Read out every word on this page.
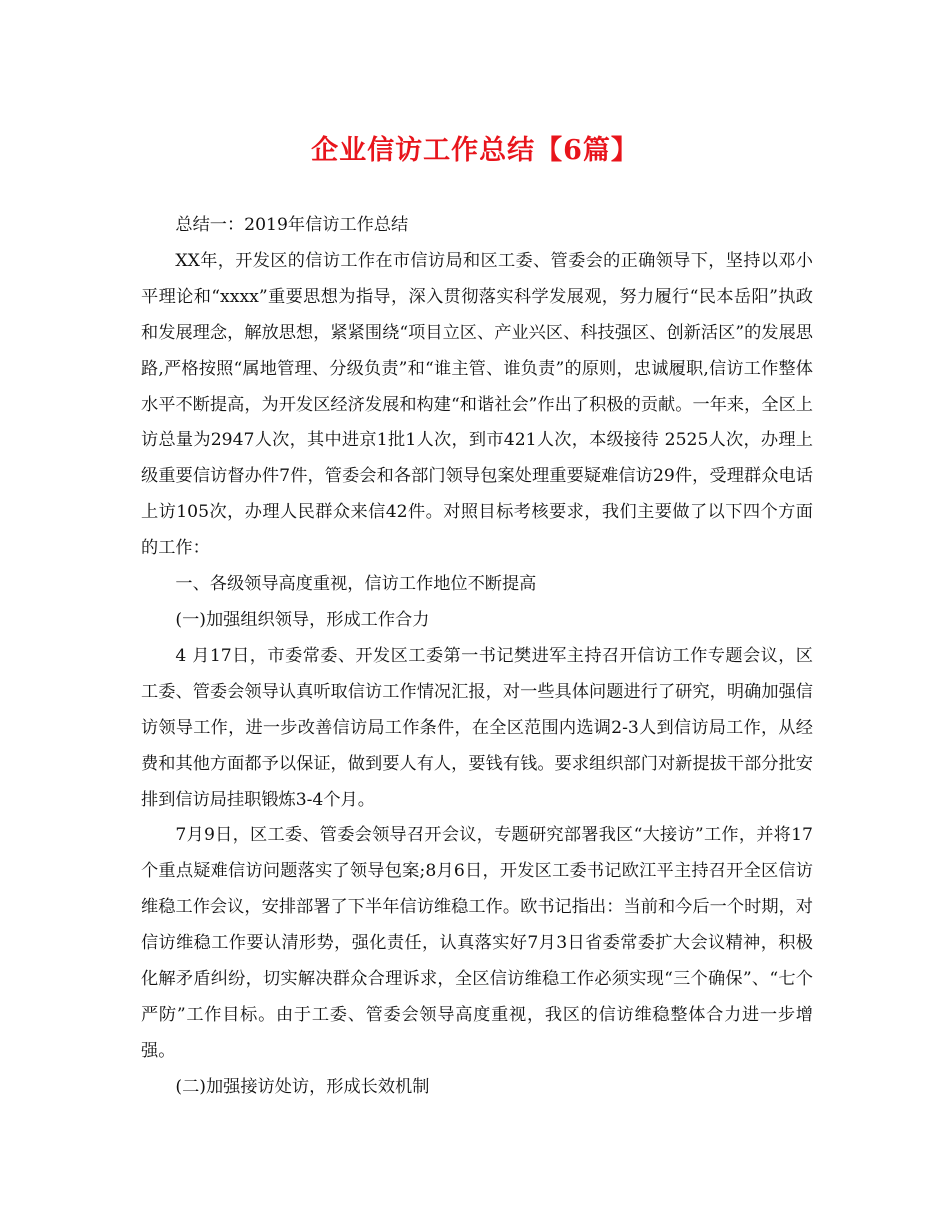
企业信访工作总结【6篇】

总结一：2019年信访工作总结

XX年，开发区的信访工作在市信访局和区工委、管委会的正确领导下，坚持以邓小平理论和“xxxx”重要思想为指导，深入贯彻落实科学发展观，努力履行“民本岳阳”执政和发展理念，解放思想，紧紧围绕“项目立区、产业兴区、科技强区、创新活区”的发展思路,严格按照“属地管理、分级负责”和“谁主管、谁负责”的原则，忠诚履职,信访工作整体水平不断提高，为开发区经济发展和构建“和谐社会”作出了积极的贡献。一年来，全区上访总量为2947人次，其中进京1批1人次，到市421人次，本级接待 2525人次，办理上级重要信访督办件7件，管委会和各部门领导包案处理重要疑难信访29件，受理群众电话上访105次，办理人民群众来信42件。对照目标考核要求，我们主要做了以下四个方面的工作：

一、各级领导高度重视，信访工作地位不断提高

(一)加强组织领导，形成工作合力

4 月17日，市委常委、开发区工委第一书记樊进军主持召开信访工作专题会议，区工委、管委会领导认真听取信访工作情况汇报，对一些具体问题进行了研究，明确加强信访领导工作，进一步改善信访局工作条件，在全区范围内选调2-3人到信访局工作，从经费和其他方面都予以保证，做到要人有人，要钱有钱。要求组织部门对新提拔干部分批安排到信访局挂职锻炼3-4个月。

7月9日，区工委、管委会领导召开会议，专题研究部署我区“大接访”工作，并将17个重点疑难信访问题落实了领导包案;8月6日，开发区工委书记欧江平主持召开全区信访维稳工作会议，安排部署了下半年信访维稳工作。欧书记指出：当前和今后一个时期，对信访维稳工作要认清形势，强化责任，认真落实好7月3日省委常委扩大会议精神，积极化解矛盾纠纷，切实解决群众合理诉求，全区信访维稳工作必须实现“三个确保”、“七个严防”工作目标。由于工委、管委会领导高度重视，我区的信访维稳整体合力进一步增强。

(二)加强接访处访，形成长效机制
